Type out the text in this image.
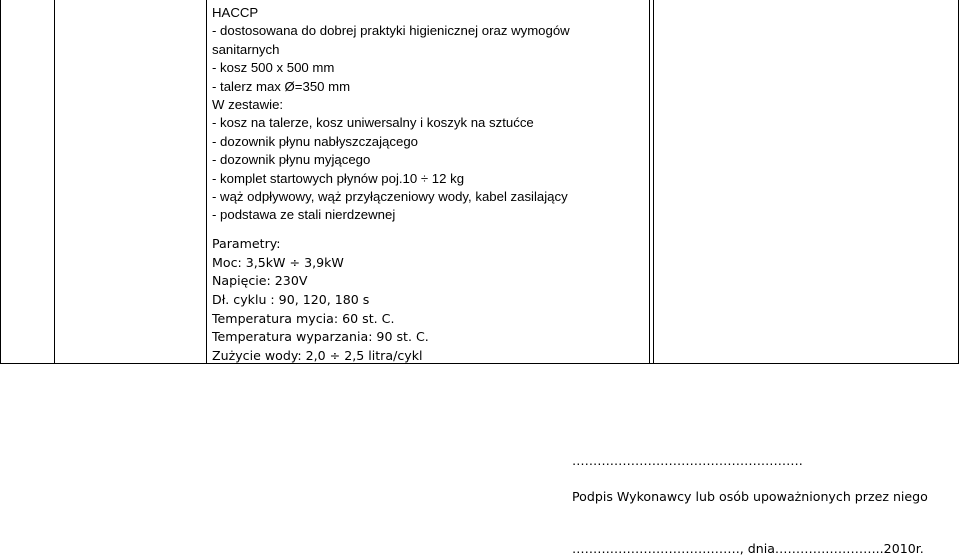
HACCP
- dostosowana do dobrej praktyki higienicznej oraz wymogów
sanitarnych
- kosz 500 x 500 mm
- talerz max Ø=350 mm
W zestawie:
- kosz na talerze, kosz uniwersalny i koszyk na sztućce
- dozownik płynu nabłyszczającego
- dozownik płynu myjącego
- komplet startowych płynów poj.10 ÷ 12 kg
- wąż odpływowy, wąż przyłączeniowy wody, kabel zasilający
- podstawa ze stali nierdzewnej
Parametry:
Moc: 3,5kW ÷ 3,9kW
Napięcie: 230V
Dł. cyklu : 90, 120, 180 s
Temperatura mycia: 60 st. C.
Temperatura wyparzania: 90 st. C.
Zużycie wody: 2,0 ÷ 2,5 litra/cykl
……………………………………………….
Podpis Wykonawcy lub osób upoważnionych przez niego
…………………………………., dnia……………………..2010r.
